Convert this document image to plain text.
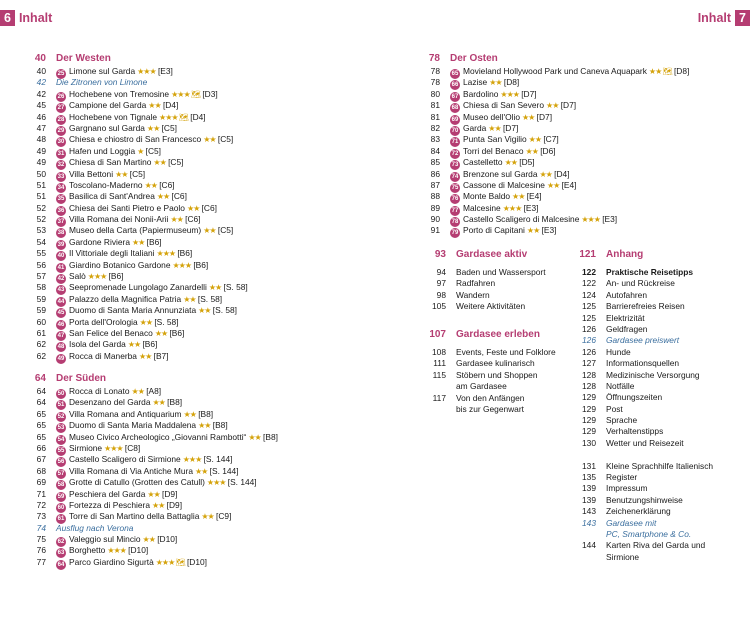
6 Inhalt	Inhalt 7
40 Der Westen
40 25 Limone sul Garda ★★★ [E3]
42 Die Zitronen von Limone
42 26 Hochebene von Tremosine ★★★ 🗺 [D3]
45 27 Campione del Garda ★★ [D4]
46 28 Hochebene von Tignale ★★★ 🗺 [D4]
47 29 Gargnano sul Garda ★★ [C5]
48 30 Chiesa e chiostro di San Francesco ★★ [C5]
49 31 Hafen und Loggia ★ [C5]
49 32 Chiesa di San Martino ★★ [C5]
50 33 Villa Bettoni ★★ [C5]
51 34 Toscolano-Maderno ★★ [C6]
51 35 Basilica di Sant'Andrea ★★ [C6]
52 36 Chiesa dei Santi Pietro e Paolo ★★ [C6]
52 37 Villa Romana dei Nonii-Arii ★★ [C6]
53 38 Museo della Carta (Papiermuseum) ★★ [C5]
54 39 Gardone Riviera ★★ [B6]
55 40 Il Vittoriale degli Italiani ★★★ [B6]
56 41 Giardino Botanico Gardone ★★★ [B6]
57 42 Salò ★★★ [B6]
58 43 Seepromenade Lungolago Zanardelli ★★ [S. 58]
59 44 Palazzo della Magnifica Patria ★★ [S. 58]
59 45 Duomo di Santa Maria Annunziata ★★ [S. 58]
60 46 Porta dell'Orologia ★★ [S. 58]
61 47 San Felice del Benaco ★★ [B6]
62 48 Isola del Garda ★★ [B6]
62 49 Rocca di Manerba ★★ [B7]
64 Der Süden
64 50 Rocca di Lonato ★★ [A8]
64 51 Desenzano del Garda ★★ [B8]
65 52 Villa Romana and Antiquarium ★★ [B8]
65 53 Duomo di Santa Maria Maddalena ★★ [B8]
65 54 Museo Civico Archeologico „Giovanni Rambotti“ ★★ [B8]
66 55 Sirmione ★★★ [C8]
67 56 Castello Scaligero di Sirmione ★★★ [S. 144]
68 57 Villa Romana di Via Antiche Mura ★★ [S. 144]
69 58 Grotte di Catullo (Grotten des Catull) ★★★ [S. 144]
71 59 Peschiera del Garda ★★ [D9]
72 60 Fortezza di Peschiera ★★ [D9]
73 61 Torre di San Martino della Battaglia ★★ [C9]
74 Ausflug nach Verona
75 62 Valeggio sul Mincio ★★ [D10]
76 63 Borghetto ★★★ [D10]
77 64 Parco Giardino Sigurtà ★★★ 🗺 [D10]
78 Der Osten
78 65 Movieland Hollywood Park und Caneva Aquapark ★★ 🗺 [D8]
78 66 Lazise ★★ [D8]
80 67 Bardolino ★★★ [D7]
81 68 Chiesa di San Severo ★★ [D7]
81 69 Museo dell'Olio ★★ [D7]
82 70 Garda ★★ [D7]
83 71 Punta San Vigilio ★★ [C7]
84 72 Torri del Benaco ★★ [D6]
85 73 Castelletto ★★ [D5]
86 74 Brenzone sul Garda ★★ [D4]
87 75 Cassone di Malcesine ★★ [E4]
88 76 Monte Baldo ★★ [E4]
89 77 Malcesine ★★★ [E3]
90 78 Castello Scaligero di Malcesine ★★★ [E3]
91 79 Porto di Capitani ★★ [E3]
93 Gardasee aktiv
94 Baden und Wassersport
97 Radfahren
98 Wandern
105 Weitere Aktivitäten
107 Gardasee erleben
108 Events, Feste und Folklore
111 Gardasee kulinarisch
115 Stöbern und Shoppen
am Gardasee
117 Von den Anfängen
bis zur Gegenwart
121 Anhang
122 Praktische Reisetipps
122 An- und Rückreise
124 Autofahren
125 Barrierefreies Reisen
125 Elektrizität
126 Geldfragen
126 Gardasee preiswert
126 Hunde
127 Informationsquellen
128 Medizinische Versorgung
128 Notfälle
129 Öffnungszeiten
129 Post
129 Sprache
129 Verhaltenstipps
130 Wetter und Reisezeit
131 Kleine Sprachhilfe Italienisch
135 Register
139 Impressum
139 Benutzungshinweise
143 Zeichenerklärung
143 Gardasee mit
PC, Smartphone & Co.
144 Karten Riva del Garda und
Sirmione
